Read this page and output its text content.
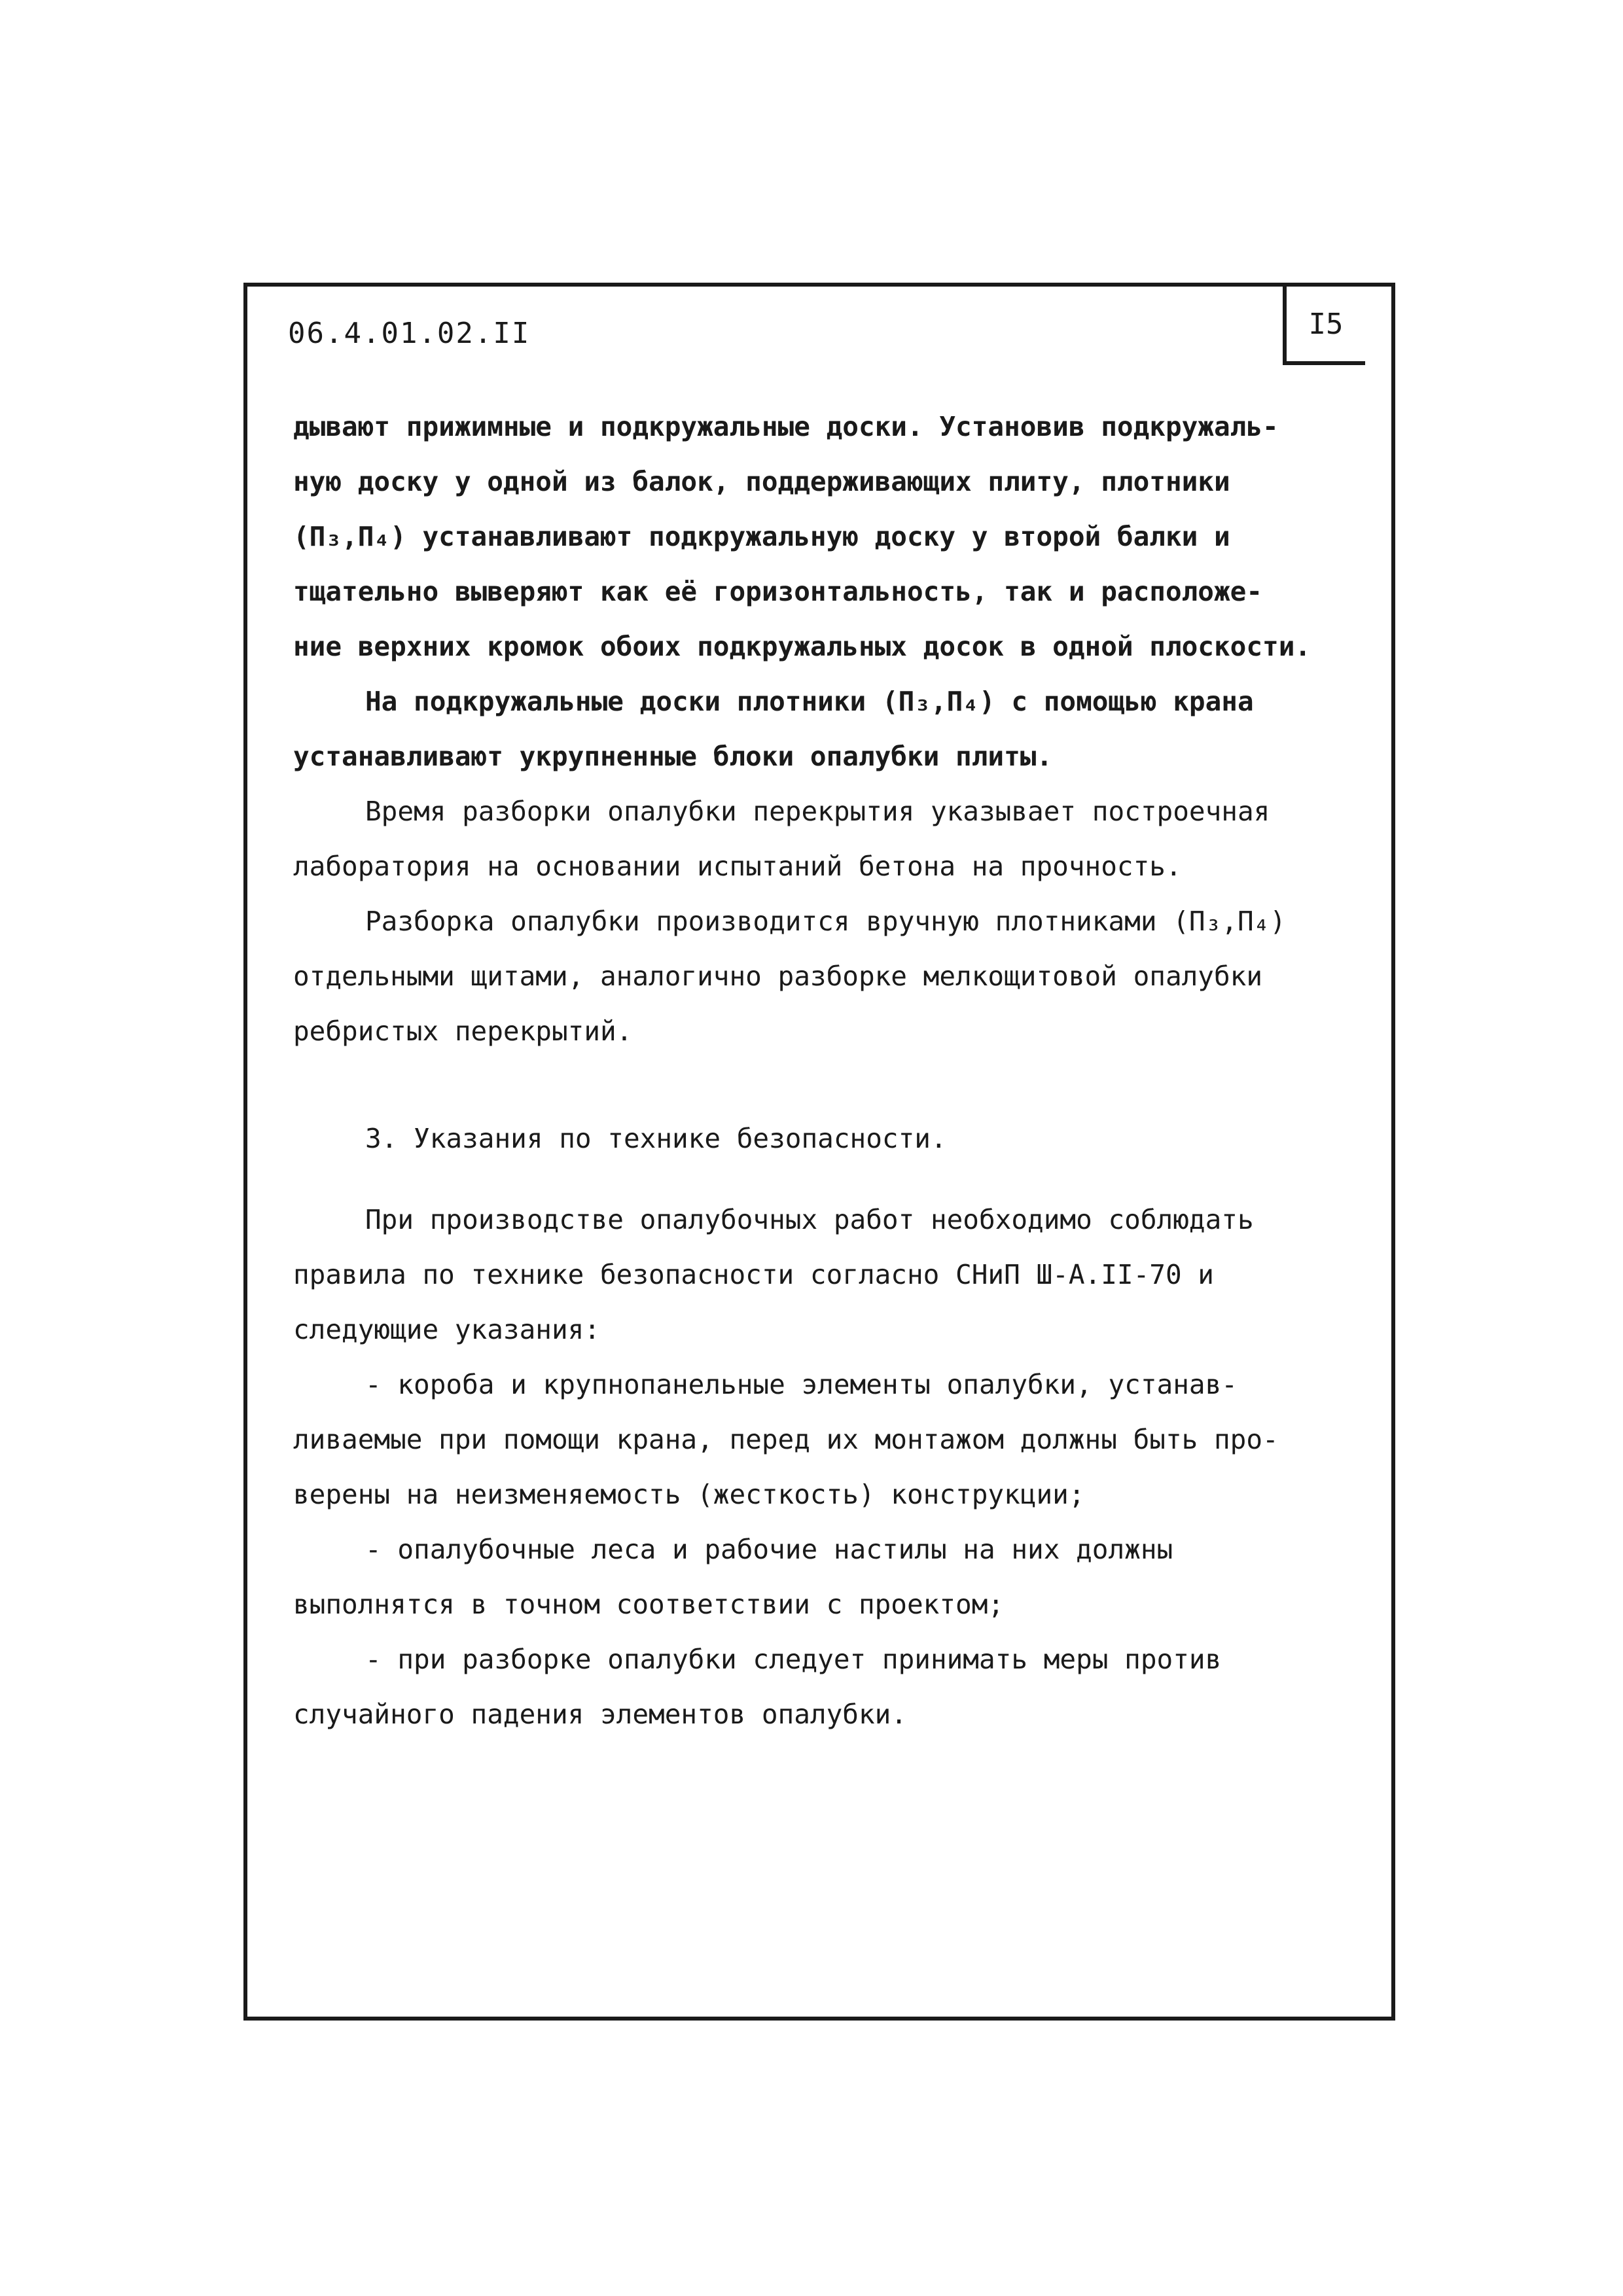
06.4.01.02.II	I5
дывают прижимные и подкружальные доски. Установив подкружаль-
ную доску у одной из балок, поддерживающих плиту, плотники
(П₃,П₄) устанавливают подкружальную доску у второй балки и
тщательно выверяют как её горизонтальность, так и расположе-
ние верхних кромок обоих подкружальных досок в одной плоскости.
На подкружальные доски плотники (П₃,П₄) с помощью крана
устанавливают укрупненные блоки опалубки плиты.
Время разборки опалубки перекрытия указывает построечная
лаборатория на основании испытаний бетона на прочность.
Разборка опалубки производится вручную плотниками (П₃,П₄)
отдельными щитами, аналогично разборке мелкощитовой опалубки
ребристых перекрытий.
3. Указания по технике безопасности.
При производстве опалубочных работ необходимо соблюдать
правила по технике безопасности согласно СНиП Ш-А.II-70 и
следующие указания:
- короба и крупнопанельные элементы опалубки, устанав-
ливаемые при помощи крана, перед их монтажом должны быть про-
верены на неизменяемость (жесткость) конструкции;
- опалубочные леса и рабочие настилы на них должны
выполнятся в точном соответствии с проектом;
- при разборке опалубки следует принимать меры против
случайного падения элементов опалубки.
